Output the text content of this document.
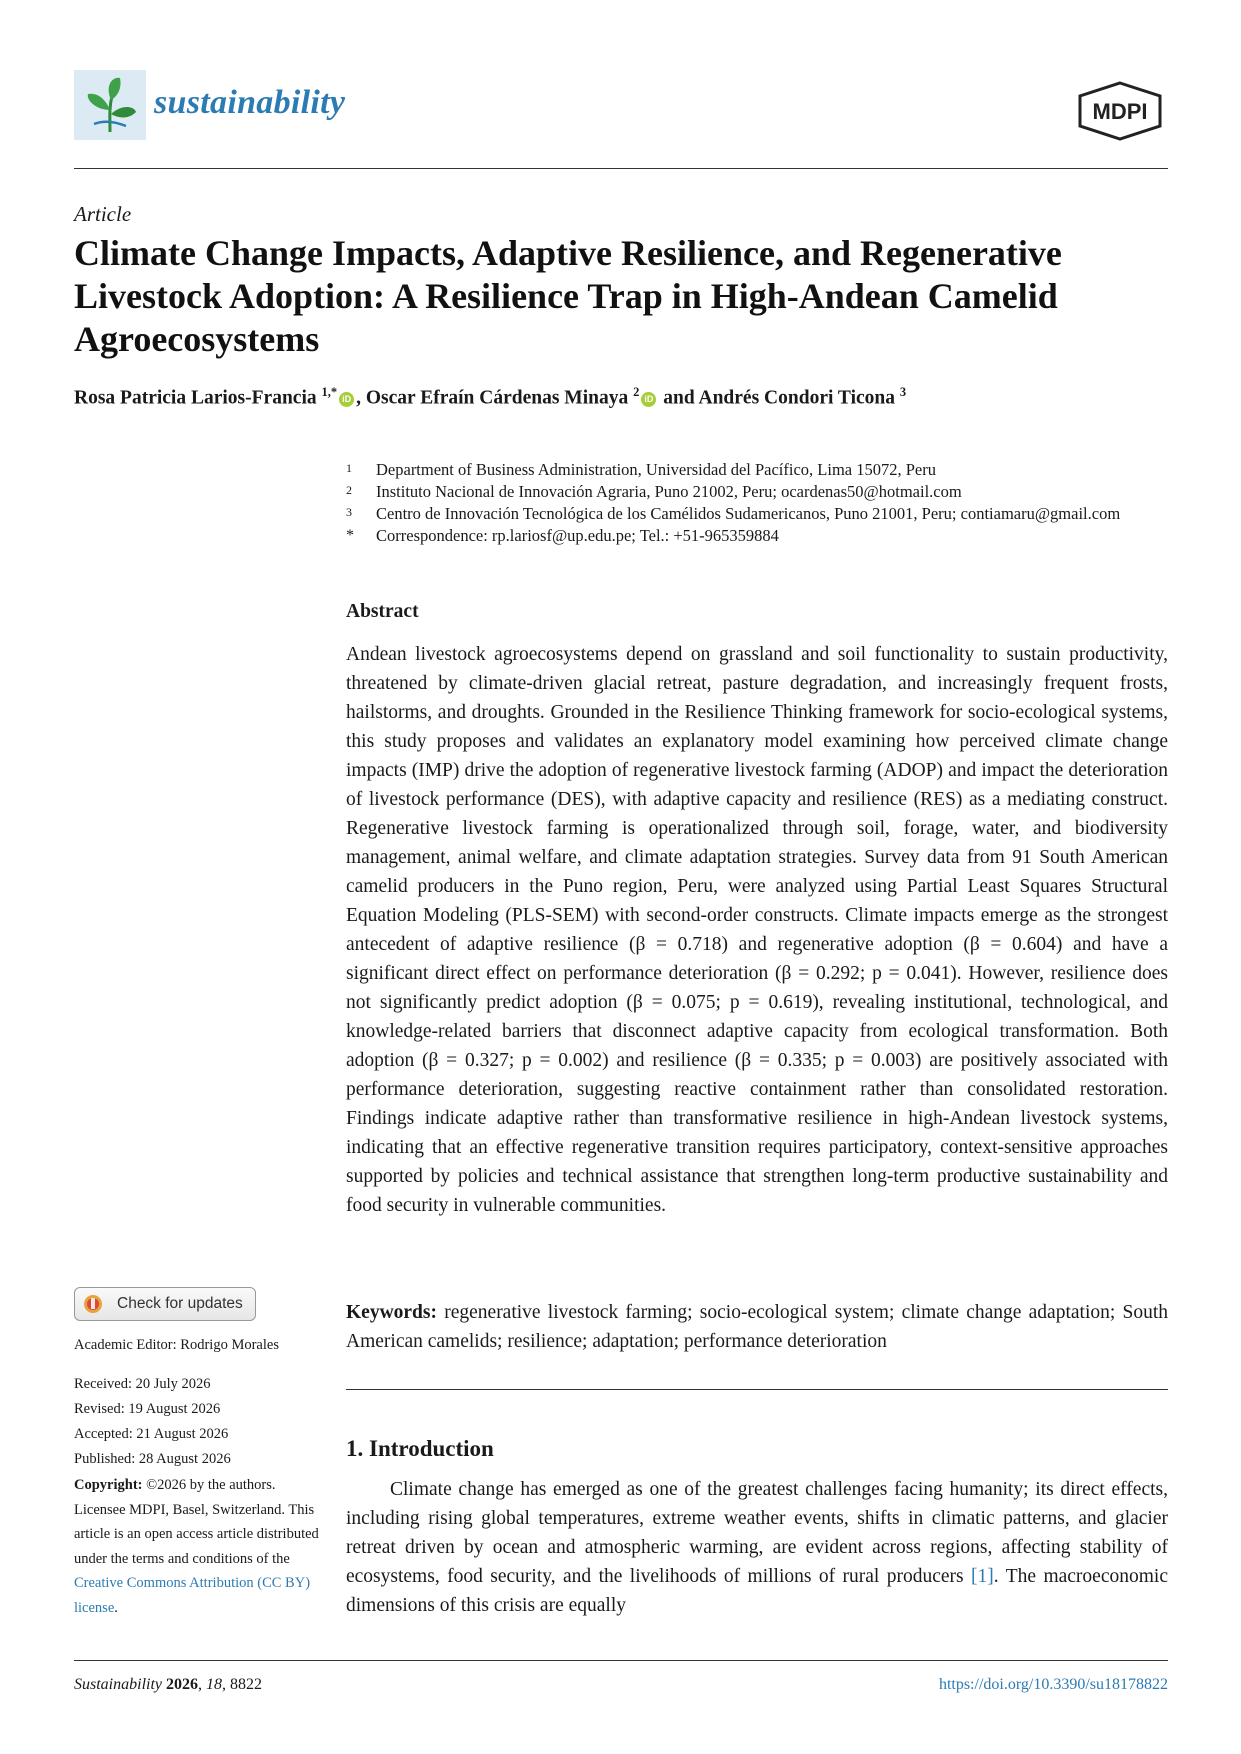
sustainability	MDPI
Article
Climate Change Impacts, Adaptive Resilience, and Regenerative Livestock Adoption: A Resilience Trap in High-Andean Camelid Agroecosystems
Rosa Patricia Larios-Francia $^{1,*}$ iD , Oscar Efraín Cárdenas Minaya $^2$ iD and Andrés Condori Ticona $^3$

1 Department of Business Administration, Universidad del Pacífico, Lima 15072, Peru

2 Instituto Nacional de Innovación Agraria, Puno 21002, Peru; ocardenas50@hotmail.com

3 Centro de Innovación Tecnológica de los Camélidos Sudamericanos, Puno 21001, Peru; contiamaru@gmail.com

* Correspondence: rp.lariosf@up.edu.pe; Tel.: +51-965359884

Abstract
Andean livestock agroecosystems depend on grassland and soil functionality to sustain productivity, threatened by climate-driven glacial retreat, pasture degradation, and increasingly frequent frosts, hailstorms, and droughts. Grounded in the Resilience Thinking framework for socio-ecological systems, this study proposes and validates an explanatory model examining how perceived climate change impacts (IMP) drive the adoption of regenerative livestock farming (ADOP) and impact the deterioration of livestock performance (DES), with adaptive capacity and resilience (RES) as a mediating construct. Regenerative livestock farming is operationalized through soil, forage, water, and biodiversity management, animal welfare, and climate adaptation strategies. Survey data from 91 South American camelid producers in the Puno region, Peru, were analyzed using Partial Least Squares Structural Equation Modeling (PLS-SEM) with second-order constructs. Climate impacts emerge as the strongest antecedent of adaptive resilience (β = 0.718) and regenerative adoption (β = 0.604) and have a significant direct effect on performance deterioration (β = 0.292; p = 0.041). However, resilience does not significantly predict adoption (β = 0.075; p = 0.619), revealing institutional, technological, and knowledge-related barriers that disconnect adaptive capacity from ecological transformation. Both adoption (β = 0.327; p = 0.002) and resilience (β = 0.335; p = 0.003) are positively associated with performance deterioration, suggesting reactive containment rather than consolidated restoration. Findings indicate adaptive rather than transformative resilience in high-Andean livestock systems, indicating that an effective regenerative transition requires participatory, context-sensitive approaches supported by policies and technical assistance that strengthen long-term productive sustainability and food security in vulnerable communities.
Keywords: regenerative livestock farming; socio-ecological system; climate change adaptation; South American camelids; resilience; adaptation; performance deterioration
1. Introduction
Climate change has emerged as one of the greatest challenges facing humanity; its direct effects, including rising global temperatures, extreme weather events, shifts in climatic patterns, and glacier retreat driven by ocean and atmospheric warming, are evident across regions, affecting stability of ecosystems, food security, and the livelihoods of millions of rural producers [1]. The macroeconomic dimensions of this crisis are equally
Check for updates
Academic Editor: Rodrigo Morales
Received: 20 July 2026
Revised: 19 August 2026
Accepted: 21 August 2026
Published: 28 August 2026
Copyright: ©2026 by the authors. Licensee MDPI, Basel, Switzerland. This article is an open access article distributed under the terms and conditions of the Creative Commons Attribution (CC BY) license.
Sustainability 2026, 18, 8822	https://doi.org/10.3390/su18178822
